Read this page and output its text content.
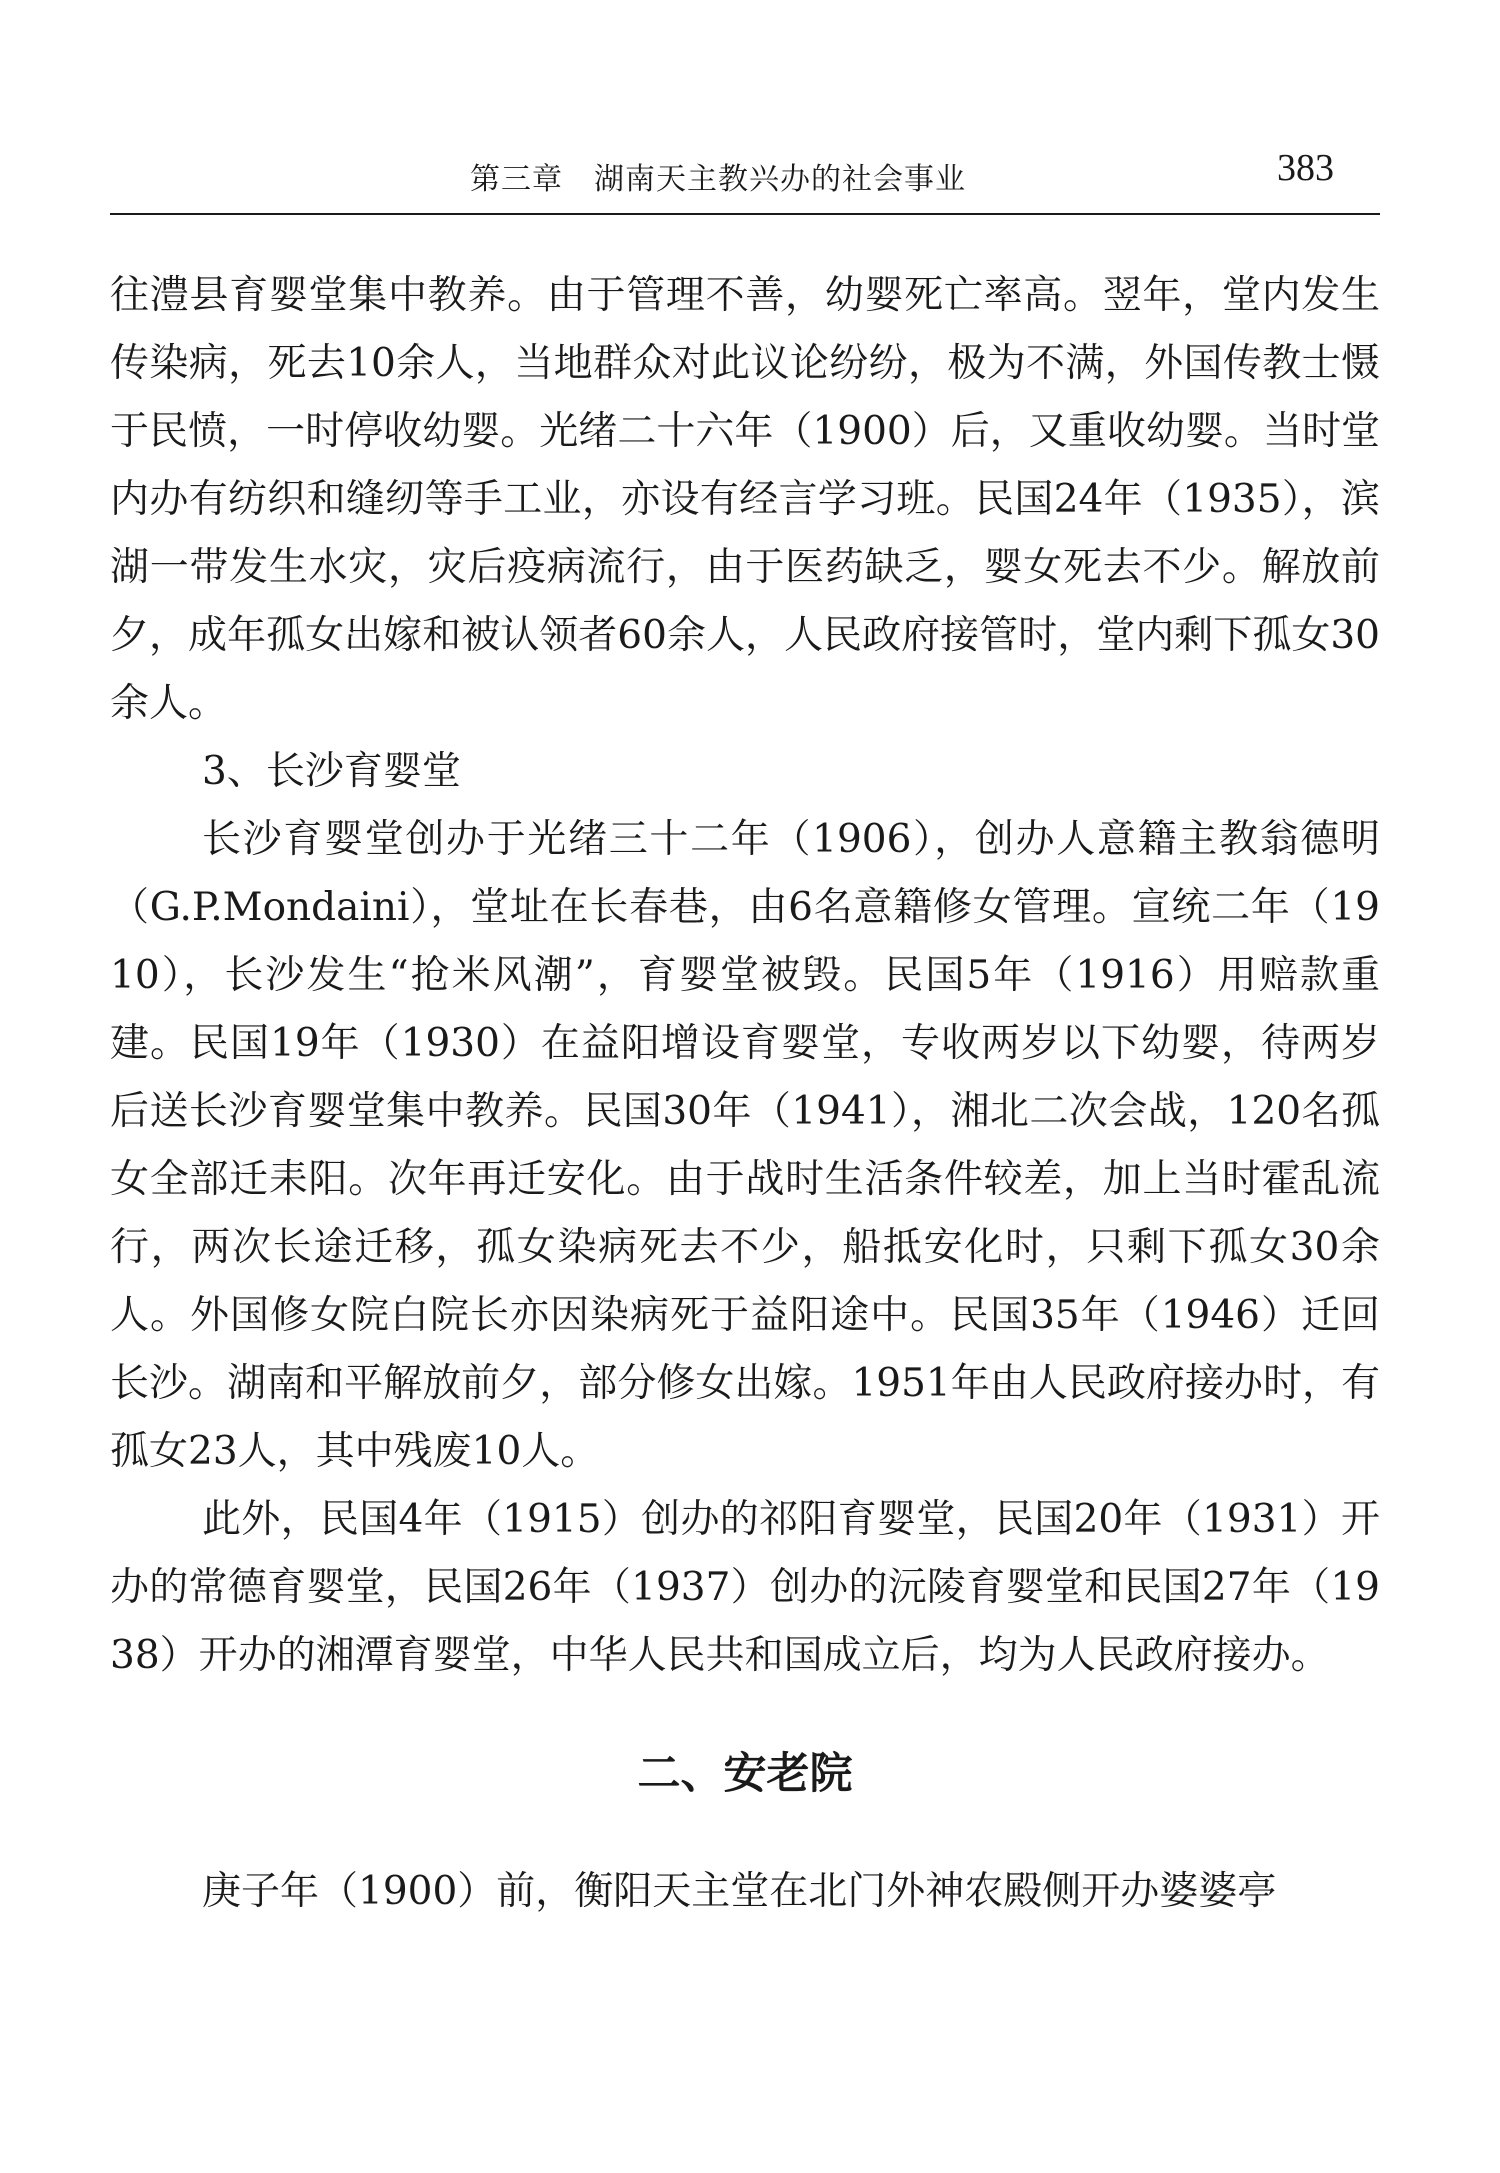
第三章　湖南天主教兴办的社会事业	383

往澧县育婴堂集中教养。由于管理不善，幼婴死亡率高。翌年，堂内发生传染病，死去10余人，当地群众对此议论纷纷，极为不满，外国传教士慑于民愤，一时停收幼婴。光绪二十六年（1900）后，又重收幼婴。当时堂内办有纺织和缝纫等手工业，亦设有经言学习班。民国24年（1935），滨湖一带发生水灾，灾后疫病流行，由于医药缺乏，婴女死去不少。解放前夕，成年孤女出嫁和被认领者60余人，人民政府接管时，堂内剩下孤女30余人。

3、长沙育婴堂

长沙育婴堂创办于光绪三十二年（1906），创办人意籍主教翁德明（G.P.Mondaini），堂址在长春巷，由6名意籍修女管理。宣统二年（1910），长沙发生“抢米风潮”，育婴堂被毁。民国5年（1916）用赔款重建。民国19年（1930）在益阳增设育婴堂，专收两岁以下幼婴，待两岁后送长沙育婴堂集中教养。民国30年（1941），湘北二次会战，120名孤女全部迁耒阳。次年再迁安化。由于战时生活条件较差，加上当时霍乱流行，两次长途迁移，孤女染病死去不少，船抵安化时，只剩下孤女30余人。外国修女院白院长亦因染病死于益阳途中。民国35年（1946）迁回长沙。湖南和平解放前夕，部分修女出嫁。1951年由人民政府接办时，有孤女23人，其中残废10人。

此外，民国4年（1915）创办的祁阳育婴堂，民国20年（1931）开办的常德育婴堂，民国26年（1937）创办的沅陵育婴堂和民国27年（1938）开办的湘潭育婴堂，中华人民共和国成立后，均为人民政府接办。

二、安老院

庚子年（1900）前，衡阳天主堂在北门外神农殿侧开办婆婆亭
